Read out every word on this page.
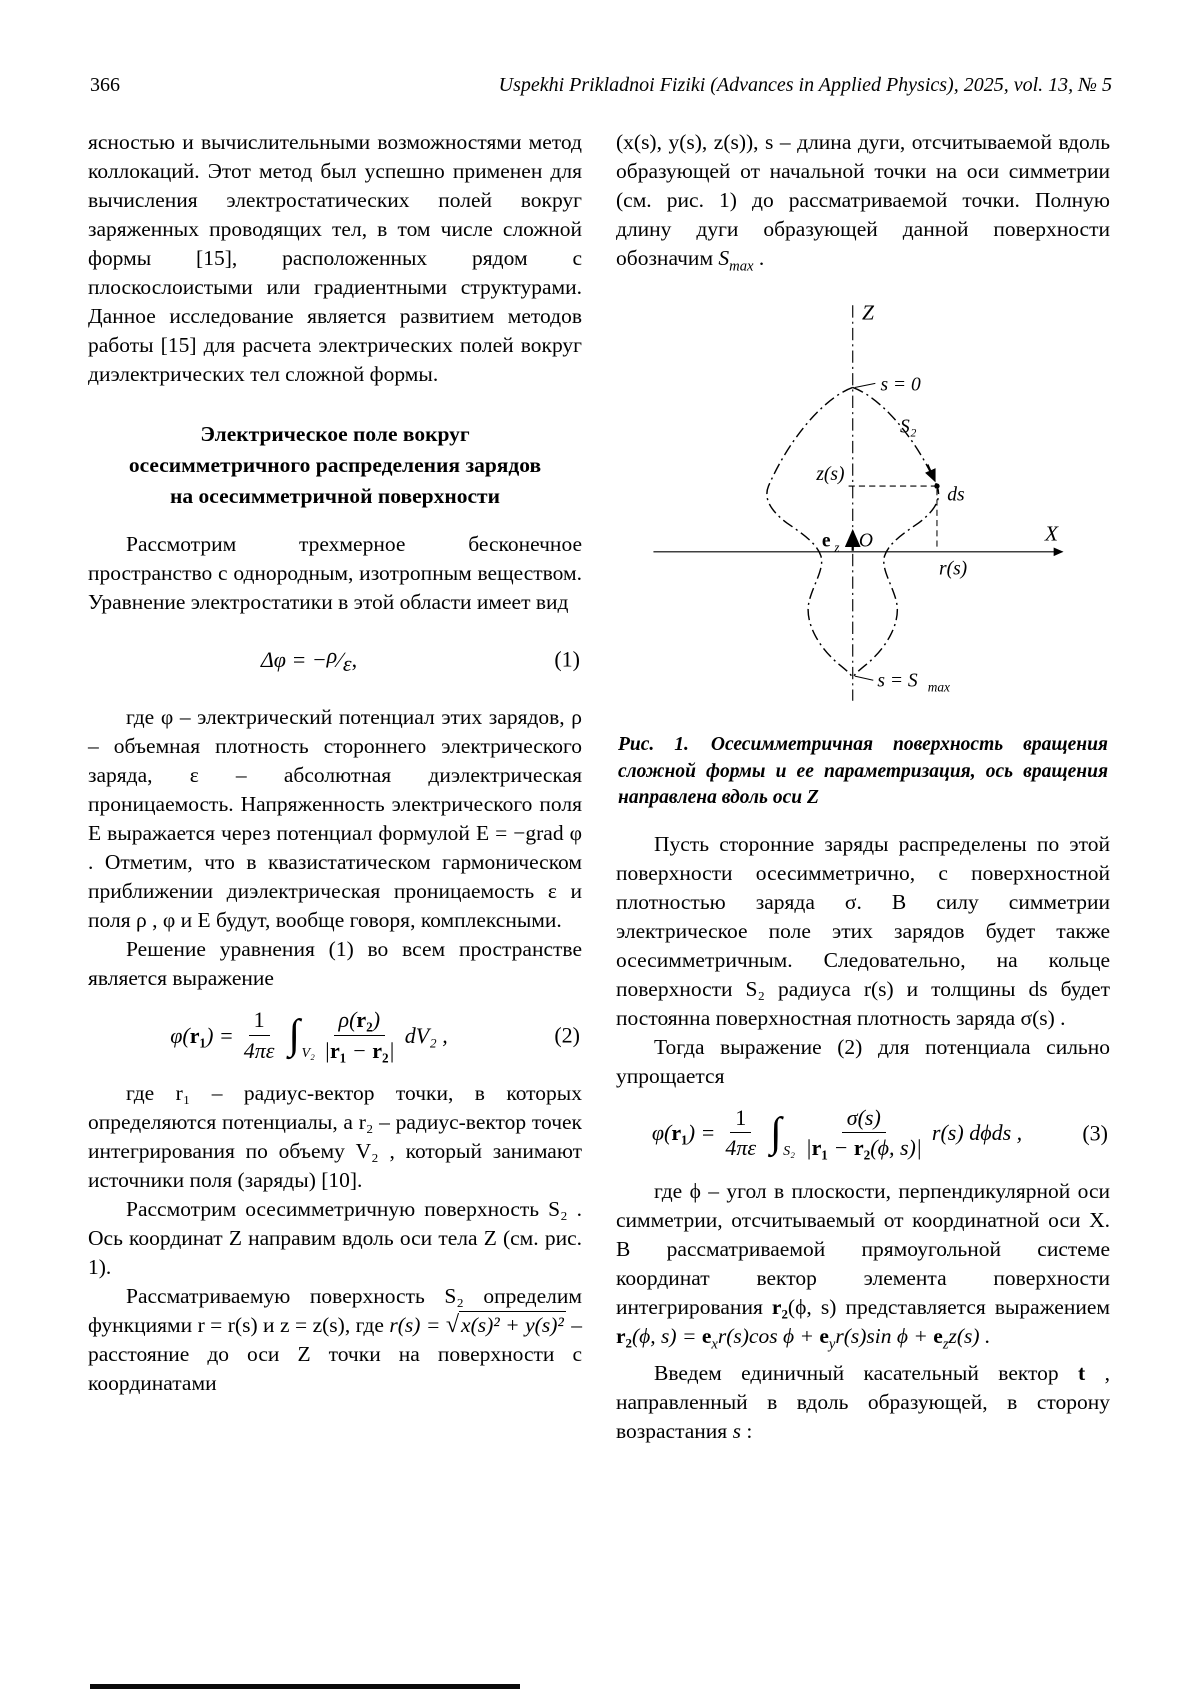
366	Uspekhi Prikladnoi Fiziki (Advances in Applied Physics), 2025, vol. 13, № 5

ясностью и вычислительными возможностями метод коллокаций. Этот метод был успешно применен для вычисления электростатических полей вокруг заряженных проводящих тел, в том числе сложной формы [15], расположенных рядом с плоскослоистыми или градиентными структурами. Данное исследование является развитием методов работы [15] для расчета электрических полей вокруг диэлектрических тел сложной формы.

Электрическое поле вокруг
осесимметричного распределения зарядов
на осесимметричной поверхности

Рассмотрим трехмерное бесконечное пространство с однородным, изотропным веществом. Уравнение электростатики в этой области имеет вид

Δφ = − ρ ∕ ε ,	(1)

где φ – электрический потенциал этих зарядов, ρ – объемная плотность стороннего электрического заряда, ε – абсолютная диэлектрическая проницаемость. Напряженность электрического поля E выражается через потенциал формулой E = −grad φ . Отметим, что в квазистатическом гармоническом приближении диэлектрическая проницаемость ε и поля ρ , φ и E будут, вообще говоря, комплексными.

Решение уравнения (1) во всем пространстве является выражение

φ( r₁ ) = $\frac{1}{4\pi\varepsilon}$ ∫ $V_2 \frac{\text{ρ(r₂)}}{\text{|r₁ − r₂|}} dV_2$ ,	(2)

где r₁ – радиус-вектор точки, в которых определяются потенциалы, а r₂ – радиус-вектор точек интегрирования по объему V₂ , который занимают источники поля (заряды) [10].

Рассмотрим осесимметричную поверхность S₂ . Ось координат Z направим вдоль оси тела Z (см. рис. 1).

Рассматриваемую поверхность S₂ определим функциями r = r(s) и z = z(s), где r(s) = √x(s)² + y(s)² – расстояние до оси Z точки на поверхности с координатами

(x(s), y(s), z(s)), s – длина дуги, отсчитываемой вдоль образующей от начальной точки на оси симметрии (см. рис. 1) до рассматриваемой точки. Полную длину дуги образующей данной поверхности обозначим $S_{max}$ .

s = 0
S₂
z(s)
ds
r(s)
e z O
Z
X
s = S max

Рис. 1. Осесимметричная поверхность вращения сложной формы и ее параметризация, ось вращения направлена вдоль оси Z

Пусть сторонние заряды распределены по этой поверхности осесимметрично, с поверхностной плотностью заряда σ. В силу симметрии электрическое поле этих зарядов будет также осесимметричным. Следовательно, на кольце поверхности S₂ радиуса r(s) и толщины ds будет постоянна поверхностная плотность заряда σ(s) .

Тогда выражение (2) для потенциала сильно упрощается

φ( r₁ ) = $\frac{1}{4\pi\varepsilon}$ ∫ $S_2 \frac{\sigma(s)}{\text{|r₁ − r₂(ϕ, s)|}} r(s)$ dϕds ,	(3)

где ϕ – угол в плоскости, перпендикулярной оси симметрии, отсчитываемый от координатной оси X. В рассматриваемой прямоугольной системе координат вектор элемента поверхности интегрирования r₂(ϕ, s) представляется выражением r₂(ϕ, $s) = e_xr(s)\cos$ $\phi + e_yr(s)\sin$ $\phi + e_zz(s)$ .

Введем единичный касательный вектор t , направленный в вдоль образующей, в сторону возрастания s :
